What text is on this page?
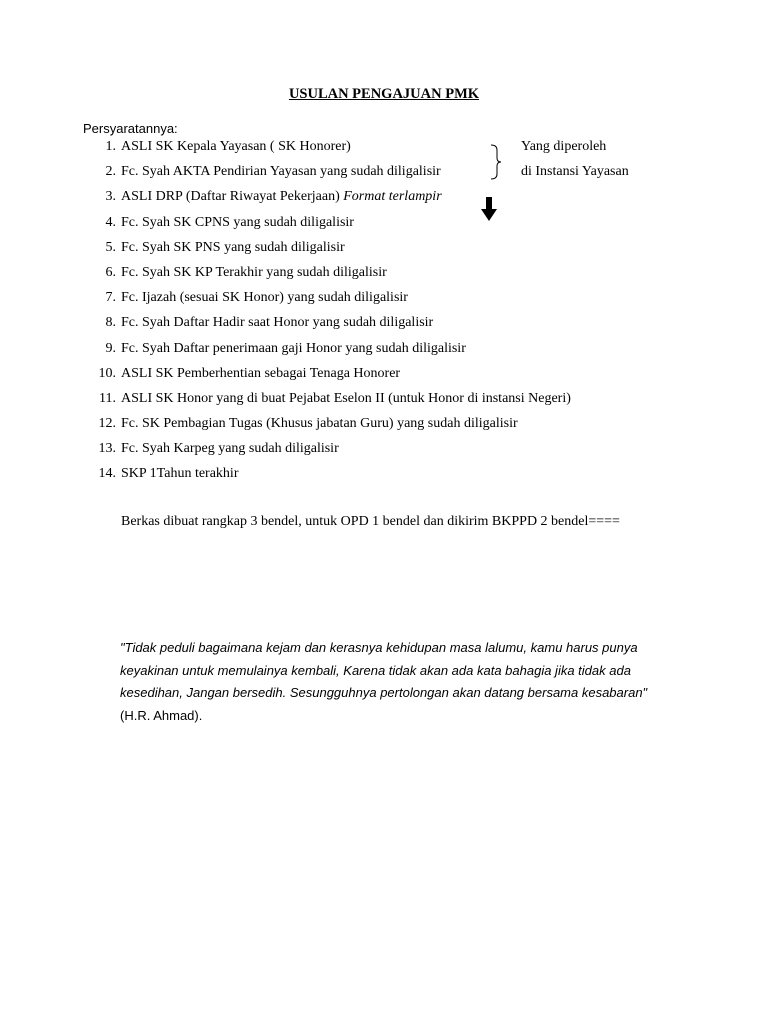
USULAN PENGAJUAN PMK
Persyaratannya:
1. ASLI SK Kepala Yayasan ( SK Honorer)
2. Fc. Syah AKTA Pendirian Yayasan yang sudah diligalisir
3. ASLI DRP (Daftar Riwayat Pekerjaan) Format terlampir
4. Fc. Syah SK CPNS yang sudah diligalisir
5. Fc. Syah SK PNS yang sudah diligalisir
6. Fc. Syah SK KP Terakhir yang sudah diligalisir
7. Fc. Ijazah (sesuai SK Honor) yang sudah diligalisir
8. Fc. Syah Daftar Hadir saat Honor yang sudah diligalisir
9. Fc. Syah Daftar penerimaan gaji Honor yang sudah diligalisir
10. ASLI SK Pemberhentian sebagai Tenaga Honorer
11. ASLI SK Honor yang di buat Pejabat Eselon II (untuk Honor di instansi Negeri)
12. Fc. SK Pembagian Tugas (Khusus jabatan Guru) yang sudah diligalisir
13. Fc. Syah Karpeg yang sudah diligalisir
14. SKP 1Tahun terakhir
Yang diperoleh
di Instansi Yayasan
Berkas dibuat rangkap 3 bendel, untuk OPD 1 bendel dan dikirim BKPPD 2 bendel====
"Tidak peduli bagaimana kejam dan kerasnya kehidupan masa lalumu, kamu harus punya
keyakinan untuk memulainya kembali, Karena tidak akan ada kata bahagia jika tidak ada
kesedihan, Jangan bersedih. Sesungguhnya pertolongan akan datang bersama kesabaran"
(H.R. Ahmad).
